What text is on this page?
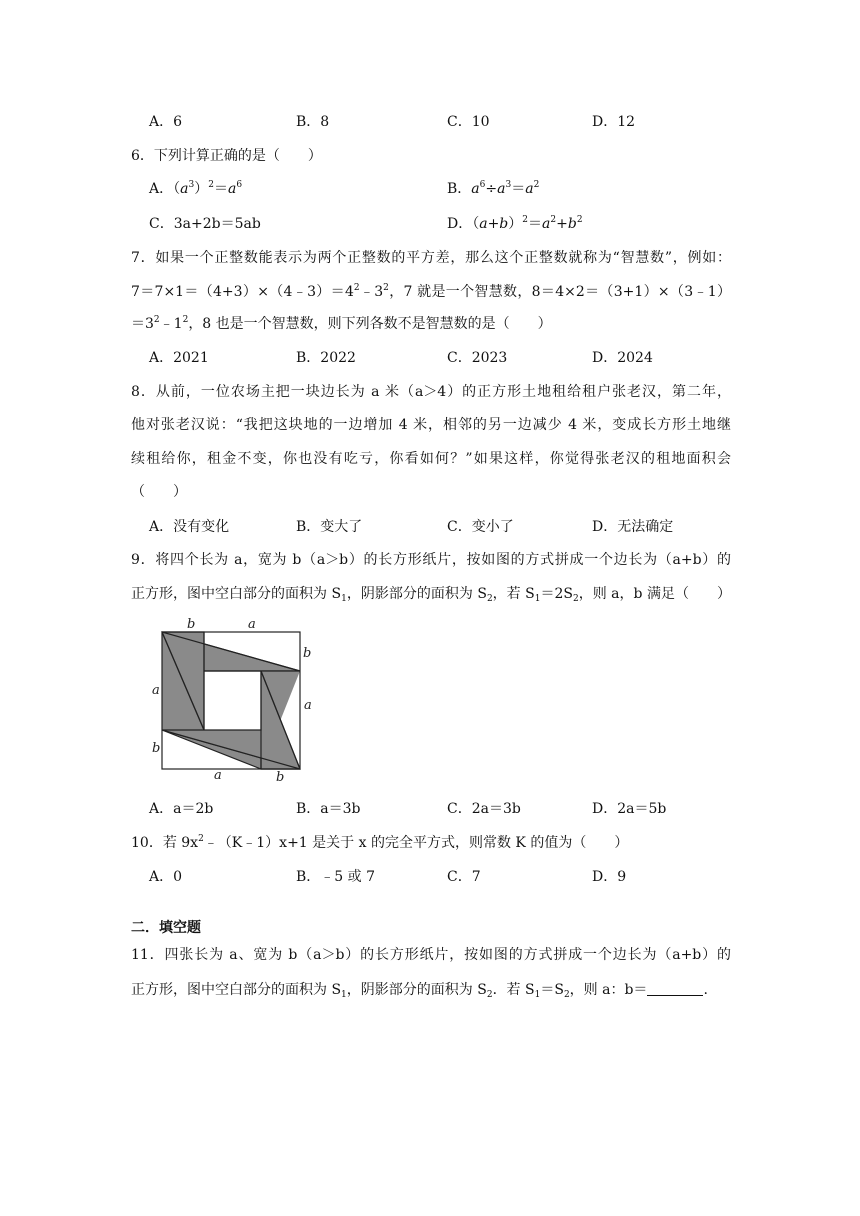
A．6	B．8	C．10	D．12
6．下列计算正确的是（　　）
A．$(a^3)^2=a^6$	B．$a^6\div a^3=a^2$
C．3a+2b＝5ab	D．$(a+b)^2=a^2+b^2$
7．如果一个正整数能表示为两个正整数的平方差，那么这个正整数就称为“智慧数”，例如：
$7=7\times 1=(4+3)\times(4﹣3)=4^2﹣3^2$，7 就是一个智慧数，8＝4×2＝（3+1）×（3﹣1）
$=3^2﹣1^2$，8 也是一个智慧数，则下列各数不是智慧数的是（　　）
A．2021	B．2022	C．2023	D．2024
8．从前，一位农场主把一块边长为 a 米（a＞4）的正方形土地租给租户张老汉，第二年，
他对张老汉说：“我把这块地的一边增加 4 米，相邻的另一边减少 4 米，变成长方形土地继
续租给你，租金不变，你也没有吃亏，你看如何？”如果这样，你觉得张老汉的租地面积会
（　　）
A．没有变化	B．变大了	C．变小了	D．无法确定
9．将四个长为 a，宽为 b（a＞b）的长方形纸片，按如图的方式拼成一个边长为（a+b）的
正方形，图中空白部分的面积为 $S_1$，阴影部分的面积为 $S_2$，若 $S_1=2S_2$，则 a，b 满足（　　）
b	a
b
a
a
b
a	b
A．a＝2b	B．a＝3b	C．2a＝3b	D．2a＝5b
10．若 $9x^2﹣(K﹣1)x+1$ 是关于 x 的完全平方式，则常数 K 的值为（　　）
A．0	B．﹣5 或 7	C．7	D．9
二．填空题
11．四张长为 a、宽为 b（a＞b）的长方形纸片，按如图的方式拼成一个边长为（a+b）的
正方形，图中空白部分的面积为 $S_1$，阴影部分的面积为 $S_2$．若 $S_1=S_2$，则 a：b＝	.
